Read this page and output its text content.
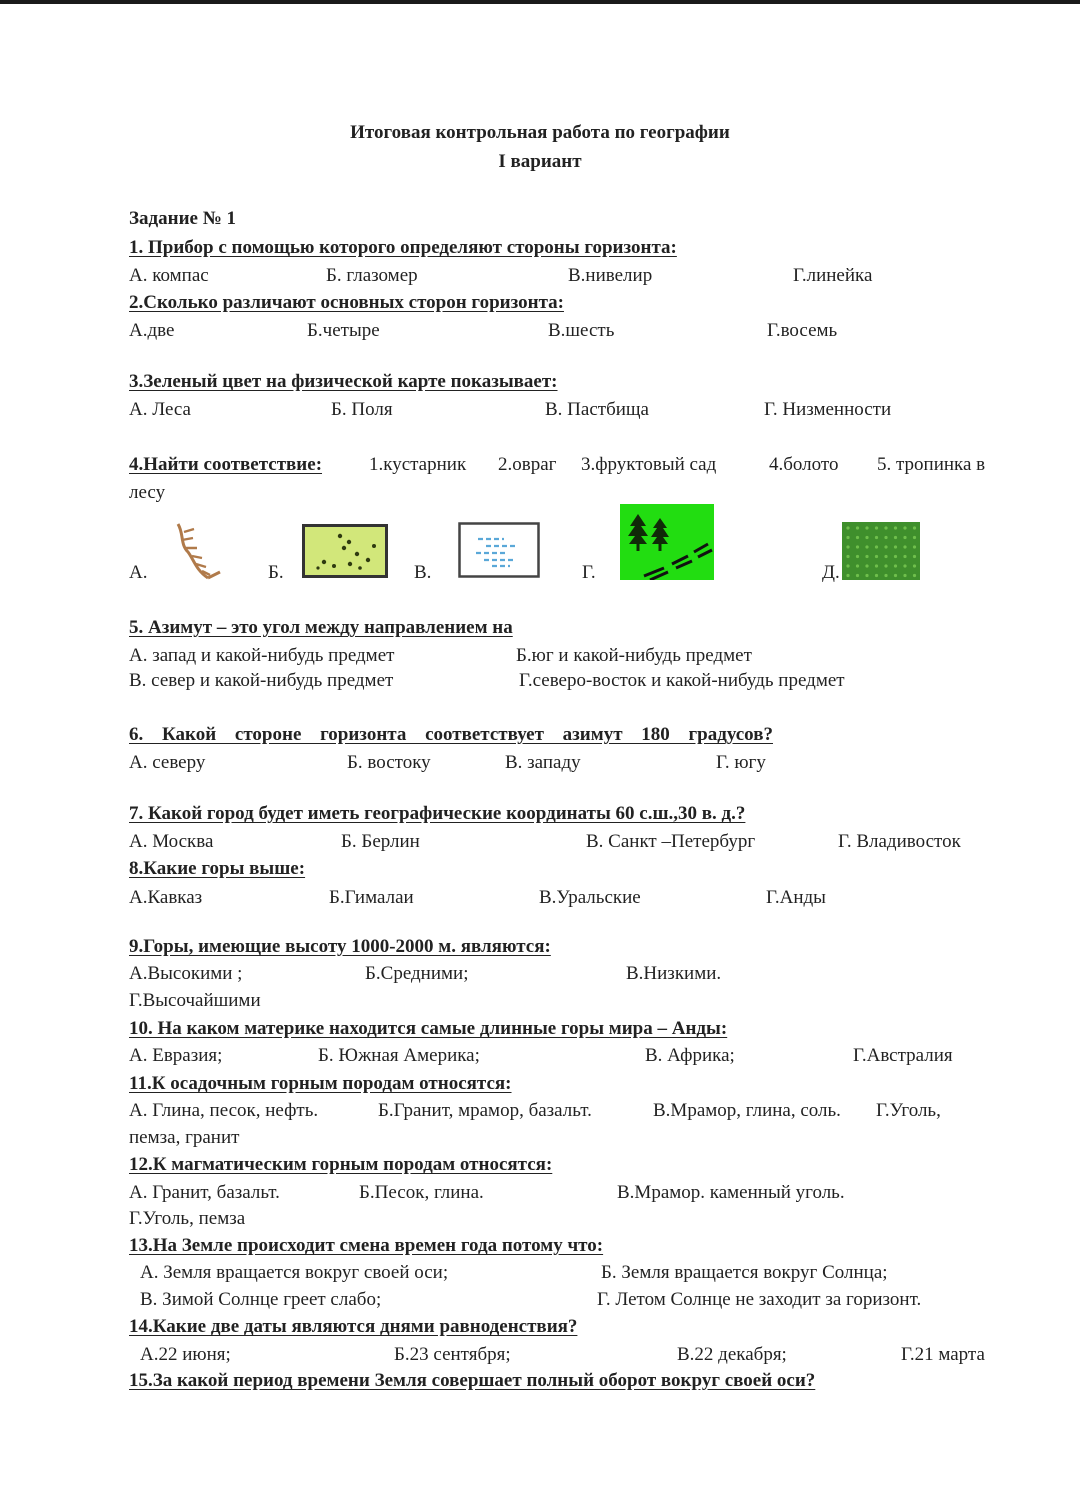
Итоговая контрольная работа по географии
I вариант
Задание № 1
1. Прибор с помощью которого определяют стороны горизонта:
А. компас	Б. глазомер	В.нивелир	Г.линейка
2.Сколько различают основных сторон горизонта:
А.две	Б.четыре	В.шесть	Г.восемь
3.Зеленый цвет на физической карте показывает:
А. Леса	Б. Поля	В. Пастбища	Г. Низменности
4.Найти соответствие: 1.кустарник 2.овраг 3.фруктовый сад	4.болото 5. тропинка в
лесу
А.	Б.	В.	Г.	Д.
5. Азимут – это угол между направлением на
А. запад и какой-нибудь предмет	Б.юг и какой-нибудь предмет
В. север и какой-нибудь предмет	Г.северо-восток и какой-нибудь предмет
6. Какой стороне горизонта соответствует азимут 180 градусов?
А. северу	Б. востоку	В. западу	Г. югу
7. Какой город будет иметь географические координаты 60 с.ш.,30 в. д.?
А. Москва	Б. Берлин	В. Санкт –Петербург	Г. Владивосток
8.Какие горы выше:
А.Кавказ	Б.Гималаи	В.Уральские	Г.Анды
9.Горы, имеющие высоту 1000-2000 м. являются:
А.Высокими ;	Б.Средними;	В.Низкими.
Г.Высочайшими
10. На каком материке находится самые длинные горы мира – Анды:
А. Евразия;	Б. Южная Америка;	В. Африка;	Г.Австралия
11.К осадочным горным породам относятся:
А. Глина, песок, нефть.	Б.Гранит, мрамор, базальт.	В.Мрамор, глина, соль. Г.Уголь,
пемза, гранит
12.К магматическим горным породам относятся:
А. Гранит, базальт.	Б.Песок, глина.	В.Мрамор. каменный уголь.
Г.Уголь, пемза
13.На Земле происходит смена времен года потому что:
А. Земля вращается вокруг своей оси;	Б. Земля вращается вокруг Солнца;
В. Зимой Солнце греет слабо;	Г. Летом Солнце не заходит за горизонт.
14.Какие две даты являются днями равноденствия?
А.22 июня;	Б.23 сентября;	В.22 декабря;	Г.21 марта
15.За какой период времени Земля совершает полный оборот вокруг своей оси?
